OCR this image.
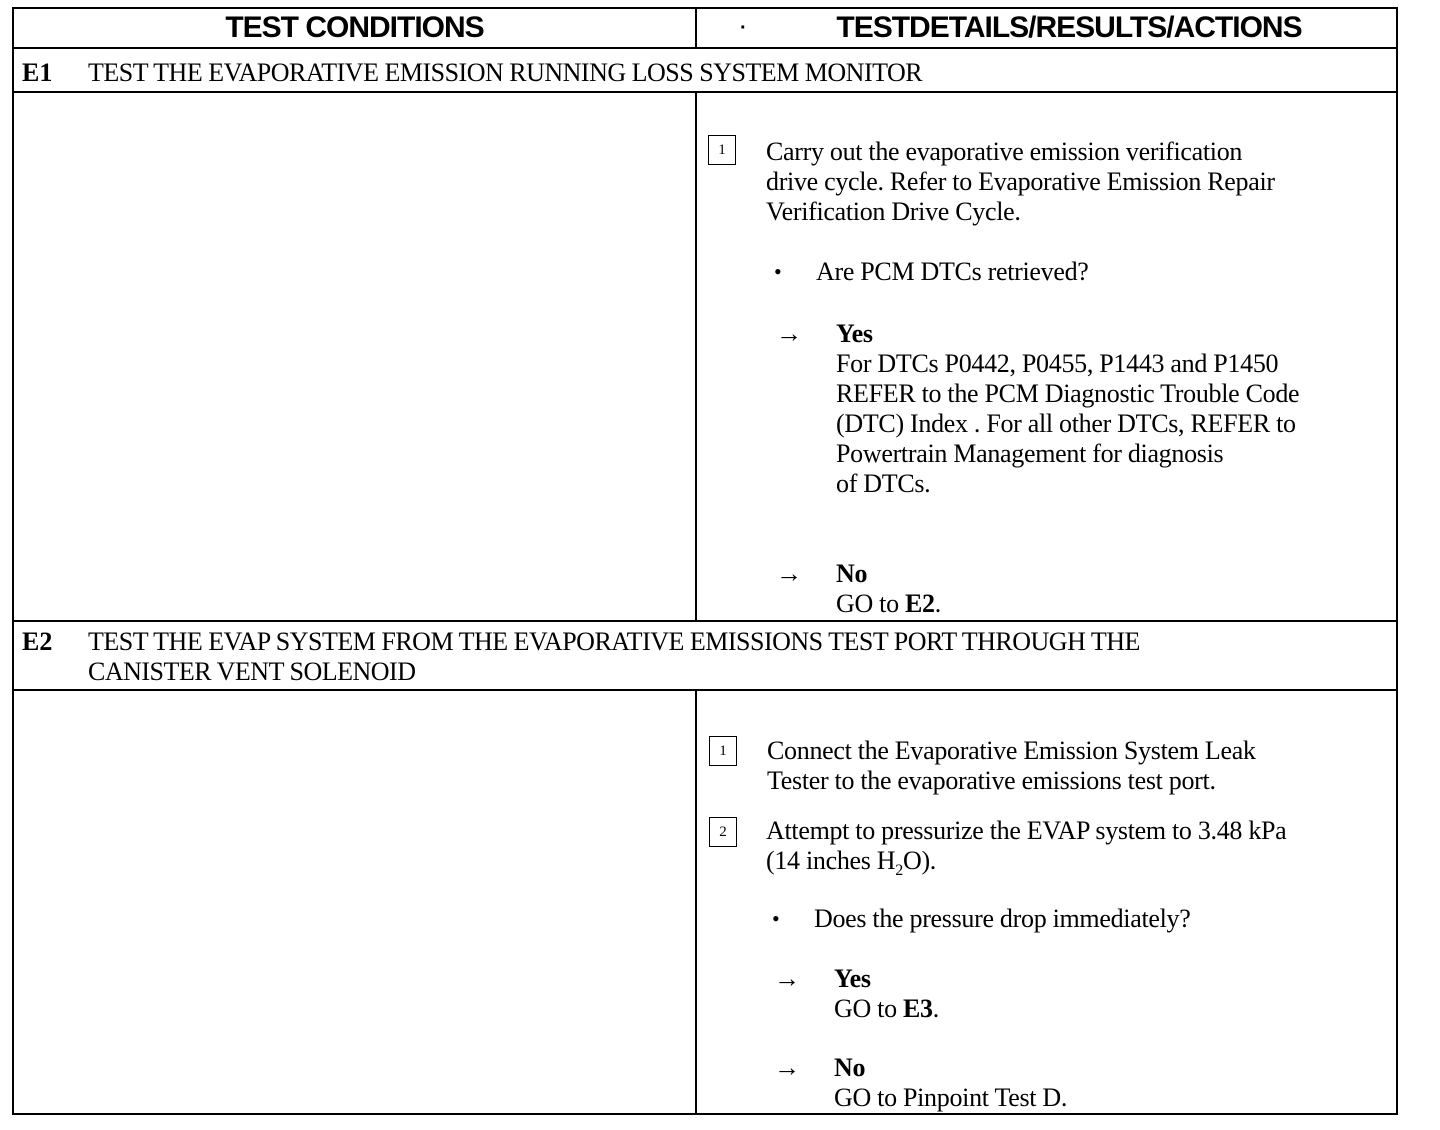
TEST CONDITIONS	·	TESTDETAILS/RESULTS/ACTIONS
E1 TEST THE EVAPORATIVE EMISSION RUNNING LOSS SYSTEM MONITOR
1	Carry out the evaporative emission verification
drive cycle. Refer to Evaporative Emission Repair
Verification Drive Cycle.
• Are PCM DTCs retrieved?
→ Yes
For DTCs P0442, P0455, P1443 and P1450
REFER to the PCM Diagnostic Trouble Code
(DTC) Index . For all other DTCs, REFER to
Powertrain Management for diagnosis
of DTCs.
→ No
GO to E2.
E2 TEST THE EVAP SYSTEM FROM THE EVAPORATIVE EMISSIONS TEST PORT THROUGH THE
CANISTER VENT SOLENOID
1	Connect the Evaporative Emission System Leak
Tester to the evaporative emissions test port.
2	Attempt to pressurize the EVAP system to 3.48 kPa
(14 inches $H_2O$).
• Does the pressure drop immediately?
→ Yes
GO to E3.
→ No
GO to Pinpoint Test D.
